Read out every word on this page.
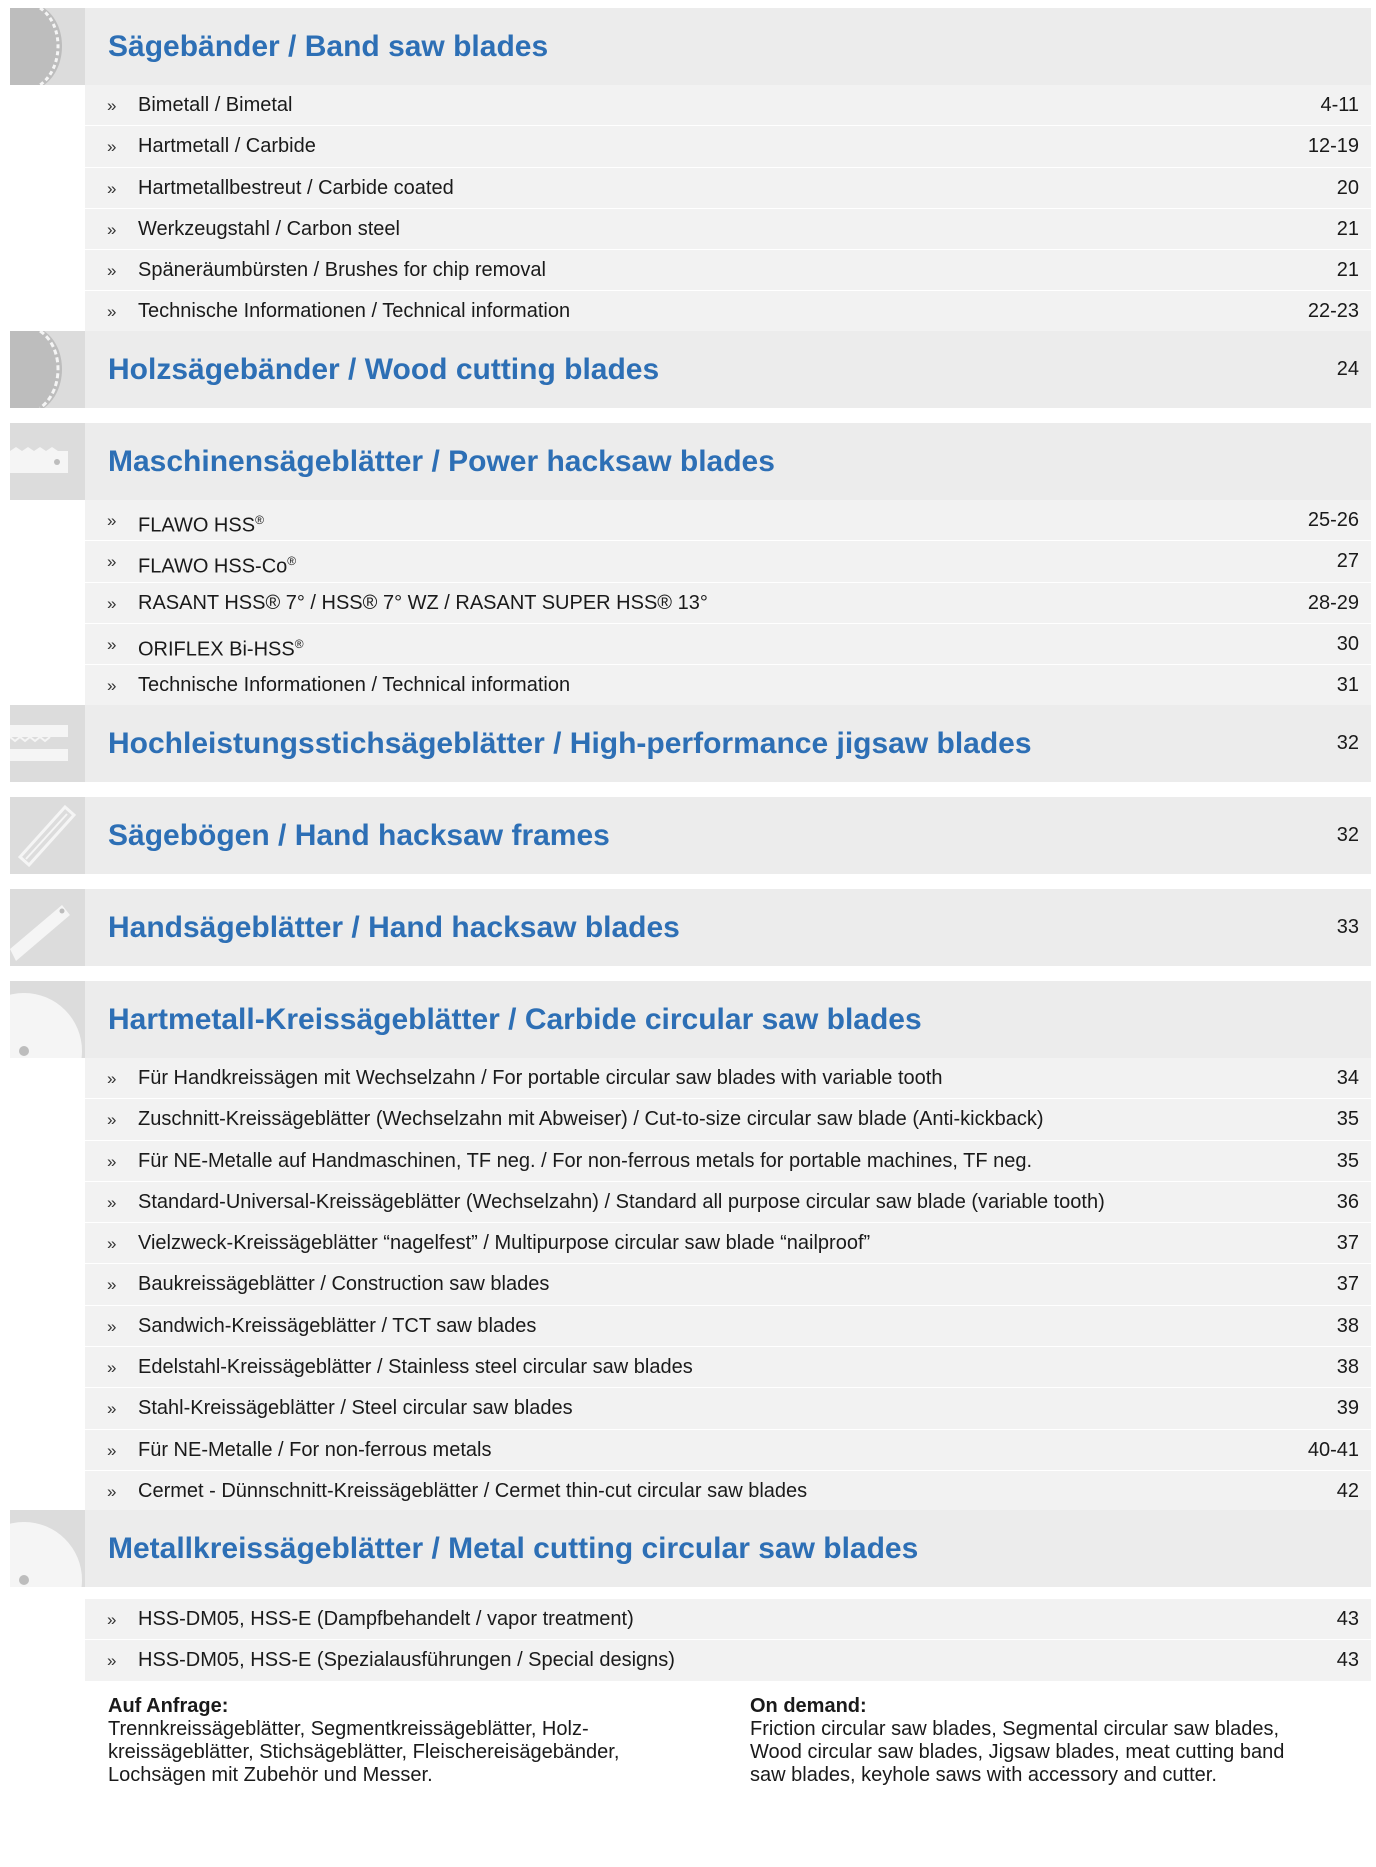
Sägebänder / Band saw blades
» Bimetall / Bimetal	4-11
» Hartmetall / Carbide	12-19
» Hartmetallbestreut / Carbide coated	20
» Werkzeugstahl / Carbon steel	21
» Späneräumbürsten / Brushes for chip removal	21
» Technische Informationen / Technical information	22-23
Holzsägebänder / Wood cutting blades	24
Maschinensägeblätter / Power hacksaw blades
» FLAWO HSS®	25-26
» FLAWO HSS-Co®	27
» RASANT HSS® 7° / HSS® 7° WZ / RASANT SUPER HSS® 13°	28-29
» ORIFLEX Bi-HSS®	30
» Technische Informationen / Technical information	31
Hochleistungsstichsägeblätter / High-performance jigsaw blades	32
Sägebögen / Hand hacksaw frames	32
Handsägeblätter / Hand hacksaw blades	33
Hartmetall-Kreissägeblätter / Carbide circular saw blades
» Für Handkreissägen mit Wechselzahn / For portable circular saw blades with variable tooth	34
» Zuschnitt-Kreissägeblätter (Wechselzahn mit Abweiser) / Cut-to-size circular saw blade (Anti-kickback)	35
» Für NE-Metalle auf Handmaschinen, TF neg. / For non-ferrous metals for portable machines, TF neg.	35
» Standard-Universal-Kreissägeblätter (Wechselzahn) / Standard all purpose circular saw blade (variable tooth)	36
» Vielzweck-Kreissägeblätter “nagelfest” / Multipurpose circular saw blade “nailproof”	37
» Baukreissägeblätter / Construction saw blades	37
» Sandwich-Kreissägeblätter / TCT saw blades	38
» Edelstahl-Kreissägeblätter / Stainless steel circular saw blades	38
» Stahl-Kreissägeblätter / Steel circular saw blades	39
» Für NE-Metalle / For non-ferrous metals	40-41
» Cermet - Dünnschnitt-Kreissägeblätter / Cermet thin-cut circular saw blades	42
Metallkreissägeblätter / Metal cutting circular saw blades
» HSS-DM05, HSS-E (Dampfbehandelt / vapor treatment)	43
» HSS-DM05, HSS-E (Spezialausführungen / Special designs)	43
Auf Anfrage:
Trennkreissägeblätter, Segmentkreissägeblätter, Holz-
kreissägeblätter, Stichsägeblätter, Fleischereisägebänder,
Lochsägen mit Zubehör und Messer.
On demand:
Friction circular saw blades, Segmental circular saw blades,
Wood circular saw blades, Jigsaw blades, meat cutting band
saw blades, keyhole saws with accessory and cutter.
